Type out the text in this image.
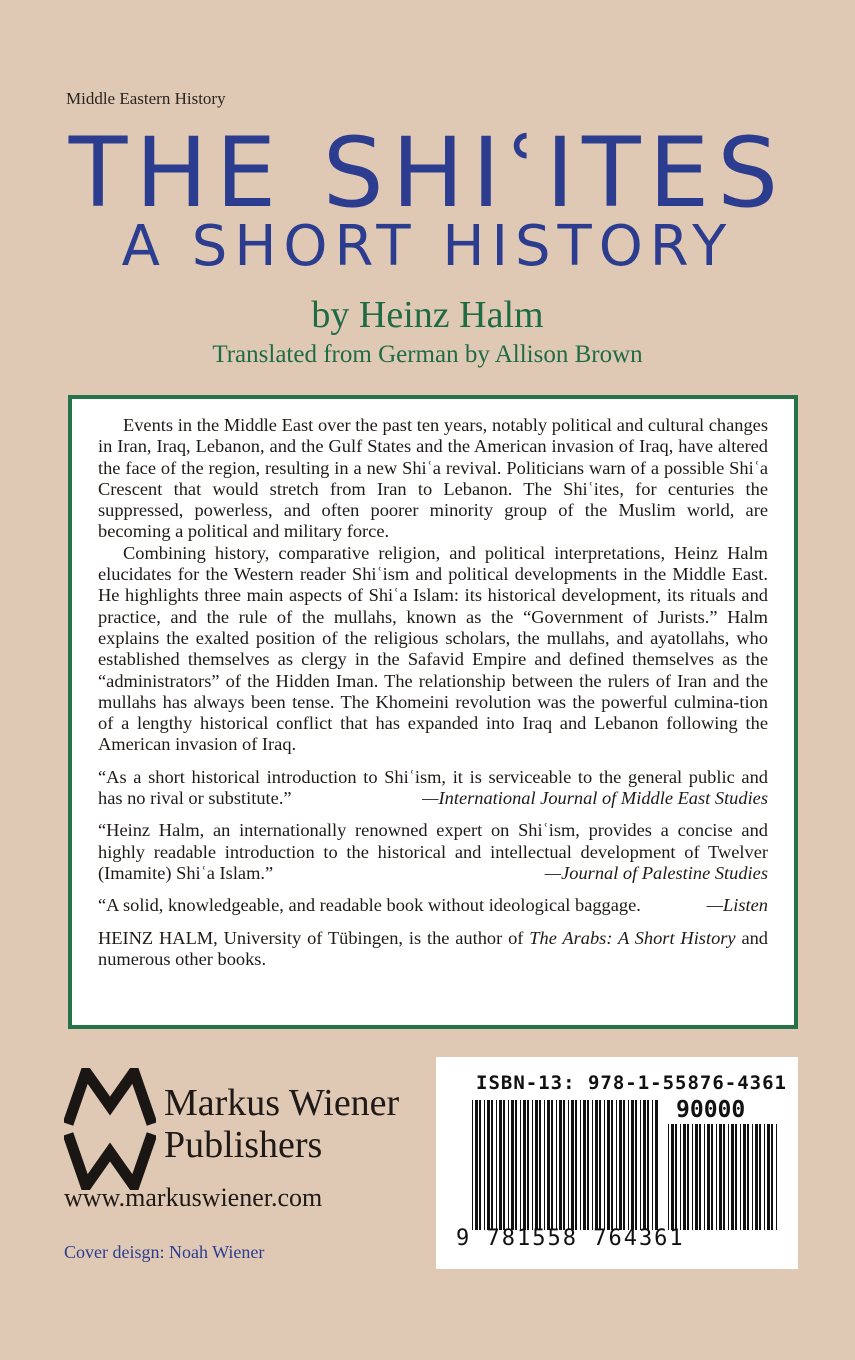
Middle Eastern History
THE SHIʿITES
A SHORT HISTORY
by Heinz Halm
Translated from German by Allison Brown

Events in the Middle East over the past ten years, notably political and cultural changes in Iran, Iraq, Lebanon, and the Gulf States and the American invasion of Iraq, have altered the face of the region, resulting in a new Shiʿa revival. Politicians warn of a possible Shiʿa Crescent that would stretch from Iran to Lebanon. The Shiʿites, for centuries the suppressed, powerless, and often poorer minority group of the Muslim world, are becoming a political and military force.

Combining history, comparative religion, and political interpretations, Heinz Halm elucidates for the Western reader Shiʿism and political developments in the Middle East. He highlights three main aspects of Shiʿa Islam: its historical development, its rituals and practice, and the rule of the mullahs, known as the “Government of Jurists.” Halm explains the exalted position of the religious scholars, the mullahs, and ayatollahs, who established themselves as clergy in the Safavid Empire and defined themselves as the “administrators” of the Hidden Iman. The relationship between the rulers of Iran and the mullahs has always been tense. The Khomeini revolution was the powerful culmina-tion of a lengthy historical conflict that has expanded into Iraq and Lebanon following the American invasion of Iraq.

“As a short historical introduction to Shiʿism, it is serviceable to the general public and has no rival or substitute.”	—International Journal of Middle East Studies

“Heinz Halm, an internationally renowned expert on Shiʿism, provides a concise and highly readable introduction to the historical and intellectual development of Twelver (Imamite) Shiʿa Islam.”	—Journal of Palestine Studies

“A solid, knowledgeable, and readable book without ideological baggage.	—Listen

HEINZ HALM, University of Tübingen, is the author of The Arabs: A Short History and numerous other books.

Markus Wiener
Publishers
www.markuswiener.com
Cover deisgn: Noah Wiener
ISBN-13: 978-1-55876-4361
90000
9 781558 764361
